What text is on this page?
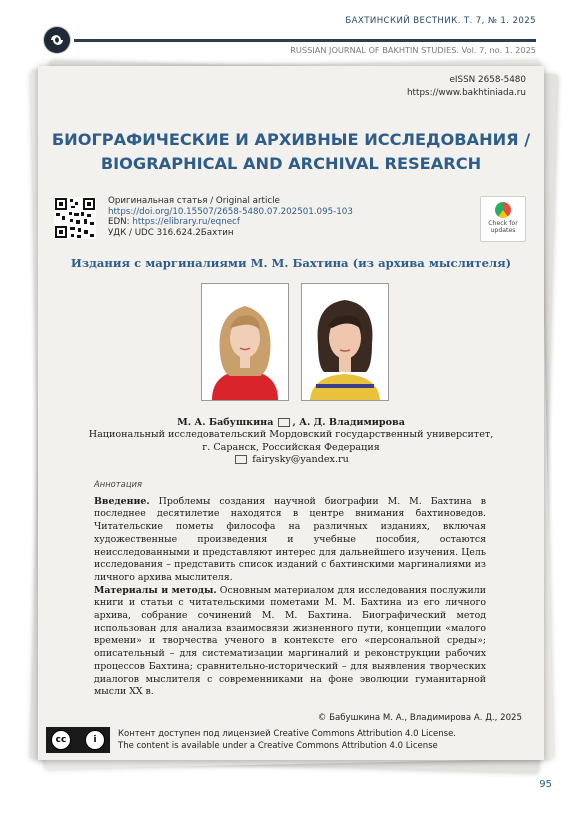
БАХТИНСКИЙ ВЕСТНИК. Т. 7, № 1. 2025
RUSSIAN JOURNAL OF BAKHTIN STUDIES. Vol. 7, no. 1. 2025
eISSN 2658-5480
https://www.bakhtiniada.ru
БИОГРАФИЧЕСКИЕ И АРХИВНЫЕ ИССЛЕДОВАНИЯ /
BIOGRAPHICAL AND ARCHIVAL RESEARCH
Оригинальная статья / Original article
https://doi.org/10.15507/2658-5480.07.202501.095-103
EDN: https://elibrary.ru/eqnecf
УДК / UDC 316.624.2Бахтин
Check for updates
Издания с маргиналиями М. М. Бахтина (из архива мыслителя)
М. А. Бабушкина , А. Д. Владимирова
Национальный исследовательский Мордовский государственный университет,
г. Саранск, Российская Федерация
fairysky@yandex.ru
Аннотация

Введение. Проблемы создания научной биографии М. М. Бахтина в последнее десятилетие находятся в центре внимания бахтиноведов. Читательские пометы философа на различных изданиях, включая художественные произведения и учебные пособия, остаются неисследованными и представляют интерес для дальнейшего изучения. Цель исследования – представить список изданий с бахтинскими маргиналиями из личного архива мыслителя.

Материалы и методы. Основным материалом для исследования послужили книги и статьи с читательскими пометами М. М. Бахтина из его личного архива, собрание сочинений М. М. Бахтина. Биографический метод использован для анализа взаимосвязи жизненного пути, концепции «малого времени» и творчества ученого в контексте его «персональной среды»; описательный – для систематизации маргиналий и реконструкции рабочих процессов Бахтина; сравнительно-исторический – для выявления творческих диалогов мыслителя с современниками на фоне эволюции гуманитарной мысли XX в.

© Бабушкина М. А., Владимирова А. Д., 2025
cc	i
Контент доступен под лицензией Creative Commons Attribution 4.0 License.
The content is available under a Creative Commons Attribution 4.0 License
95
